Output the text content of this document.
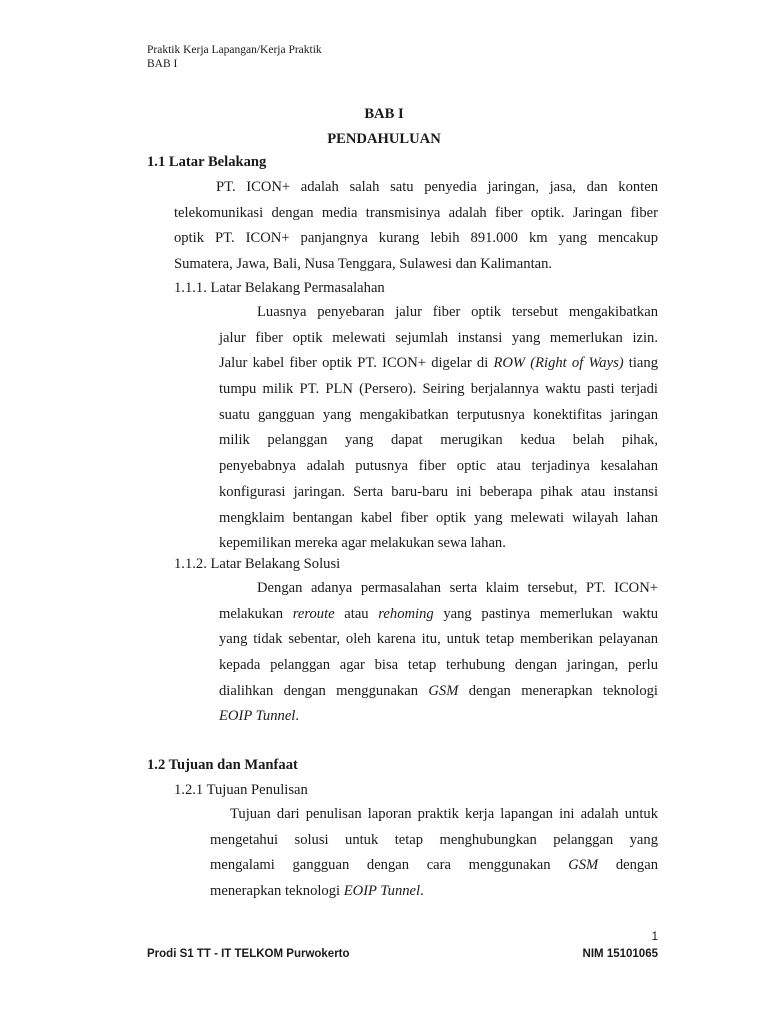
Praktik Kerja Lapangan/Kerja Praktik
BAB I
BAB I
PENDAHULUAN
1.1 Latar Belakang
PT. ICON+ adalah salah satu penyedia jaringan, jasa, dan konten
telekomunikasi dengan media transmisinya adalah fiber optik. Jaringan fiber
optik PT. ICON+ panjangnya kurang lebih 891.000 km yang mencakup
Sumatera, Jawa, Bali, Nusa Tenggara, Sulawesi dan Kalimantan.
1.1.1. Latar Belakang Permasalahan
Luasnya penyebaran jalur fiber optik tersebut mengakibatkan
jalur fiber optik melewati sejumlah instansi yang memerlukan izin.
Jalur kabel fiber optik PT. ICON+ digelar di ROW (Right of Ways) tiang
tumpu milik PT. PLN (Persero). Seiring berjalannya waktu pasti terjadi
suatu gangguan yang mengakibatkan terputusnya konektifitas jaringan
milik pelanggan yang dapat merugikan kedua belah pihak,
penyebabnya adalah putusnya fiber optic atau terjadinya kesalahan
konfigurasi jaringan. Serta baru-baru ini beberapa pihak atau instansi
mengklaim bentangan kabel fiber optik yang melewati wilayah lahan
kepemilikan mereka agar melakukan sewa lahan.
1.1.2. Latar Belakang Solusi
Dengan adanya permasalahan serta klaim tersebut, PT. ICON+
melakukan reroute atau rehoming yang pastinya memerlukan waktu
yang tidak sebentar, oleh karena itu, untuk tetap memberikan pelayanan
kepada pelanggan agar bisa tetap terhubung dengan jaringan, perlu
dialihkan dengan menggunakan GSM dengan menerapkan teknologi
EOIP Tunnel.
1.2 Tujuan dan Manfaat
1.2.1 Tujuan Penulisan
Tujuan dari penulisan laporan praktik kerja lapangan ini adalah untuk
mengetahui solusi untuk tetap menghubungkan pelanggan yang
mengalami gangguan dengan cara menggunakan GSM dengan
menerapkan teknologi EOIP Tunnel.
1
Prodi S1 TT - IT TELKOM Purwokerto	NIM 15101065
